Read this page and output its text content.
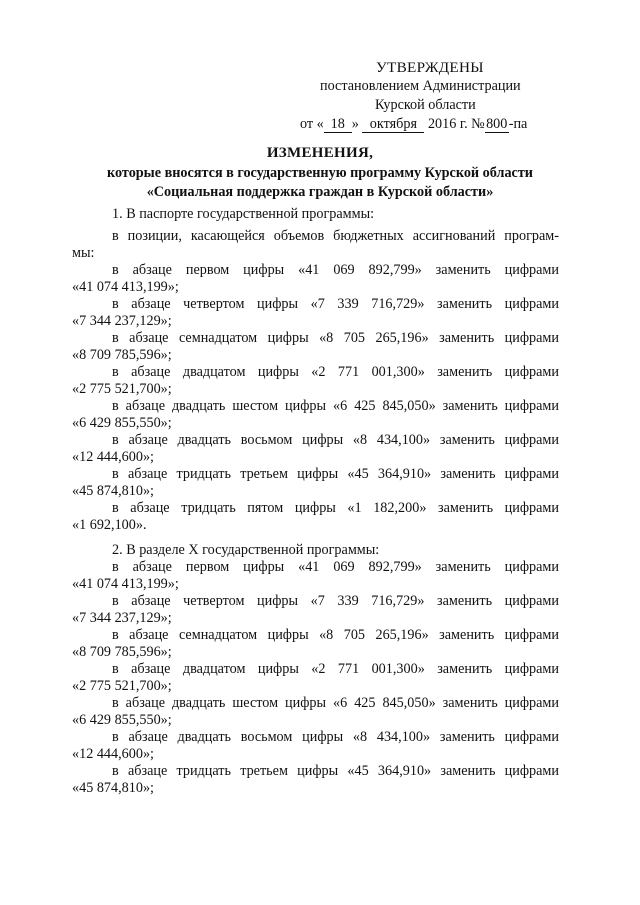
УТВЕРЖДЕНЫ
постановлением Администрации
Курской области
от « 18 » октября 2016 г. №800-па
ИЗМЕНЕНИЯ,
которые вносятся в государственную программу Курской области
«Социальная поддержка граждан в Курской области»
1. В паспорте государственной программы:
в позиции, касающейся объемов бюджетных ассигнований програм-
мы:
в абзаце первом цифры «41 069 892,799» заменить цифрами
«41 074 413,199»;
в абзаце четвертом цифры «7 339 716,729» заменить цифрами
«7 344 237,129»;
в абзаце семнадцатом цифры «8 705 265,196» заменить цифрами
«8 709 785,596»;
в абзаце двадцатом цифры «2 771 001,300» заменить цифрами
«2 775 521,700»;
в абзаце двадцать шестом цифры «6 425 845,050» заменить цифрами
«6 429 855,550»;
в абзаце двадцать восьмом цифры «8 434,100» заменить цифрами
«12 444,600»;
в абзаце тридцать третьем цифры «45 364,910» заменить цифрами
«45 874,810»;
в абзаце тридцать пятом цифры «1 182,200» заменить цифрами
«1 692,100».
2. В разделе X государственной программы:
в абзаце первом цифры «41 069 892,799» заменить цифрами
«41 074 413,199»;
в абзаце четвертом цифры «7 339 716,729» заменить цифрами
«7 344 237,129»;
в абзаце семнадцатом цифры «8 705 265,196» заменить цифрами
«8 709 785,596»;
в абзаце двадцатом цифры «2 771 001,300» заменить цифрами
«2 775 521,700»;
в абзаце двадцать шестом цифры «6 425 845,050» заменить цифрами
«6 429 855,550»;
в абзаце двадцать восьмом цифры «8 434,100» заменить цифрами
«12 444,600»;
в абзаце тридцать третьем цифры «45 364,910» заменить цифрами
«45 874,810»;
